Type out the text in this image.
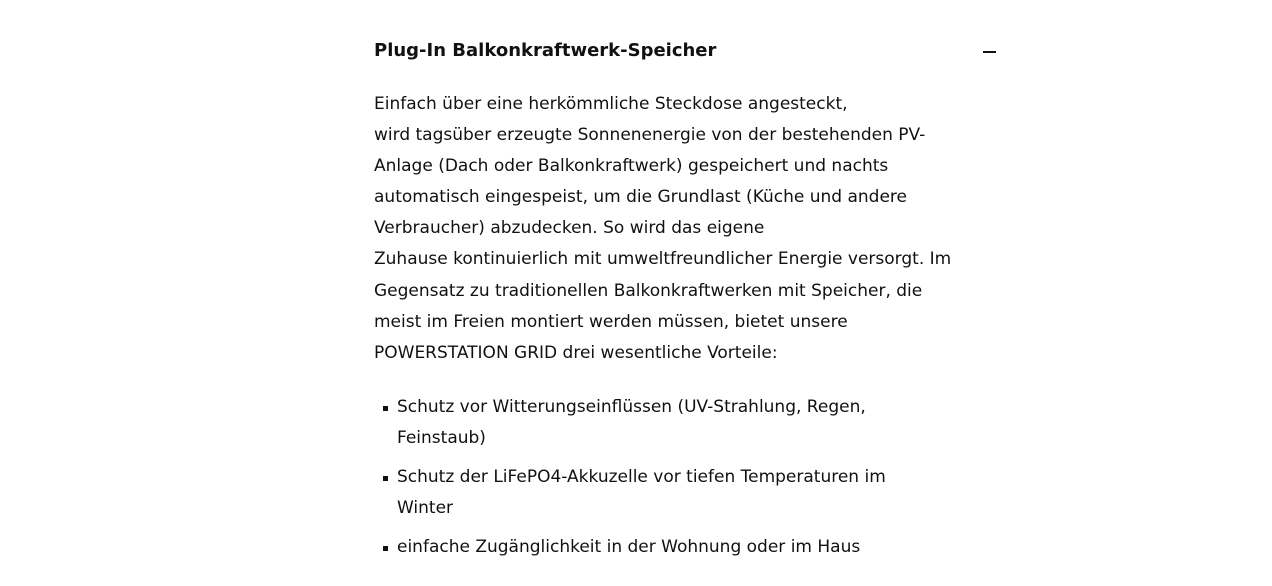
Plug-In Balkonkraftwerk-Speicher

Einfach über eine herkömmliche Steckdose angesteckt,
wird tagsüber erzeugte Sonnenenergie von der bestehenden PV-
Anlage (Dach oder Balkonkraftwerk) gespeichert und nachts
automatisch eingespeist, um die Grundlast (Küche und andere
Verbraucher) abzudecken. So wird das eigene
Zuhause kontinuierlich mit umweltfreundlicher Energie versorgt. Im
Gegensatz zu traditionellen Balkonkraftwerken mit Speicher, die
meist im Freien montiert werden müssen, bietet unsere
POWERSTATION GRID drei wesentliche Vorteile:

Schutz vor Witterungseinflüssen (UV-Strahlung, Regen,
Feinstaub)
Schutz der LiFePO4-Akkuzelle vor tiefen Temperaturen im
Winter
einfache Zugänglichkeit in der Wohnung oder im Haus
